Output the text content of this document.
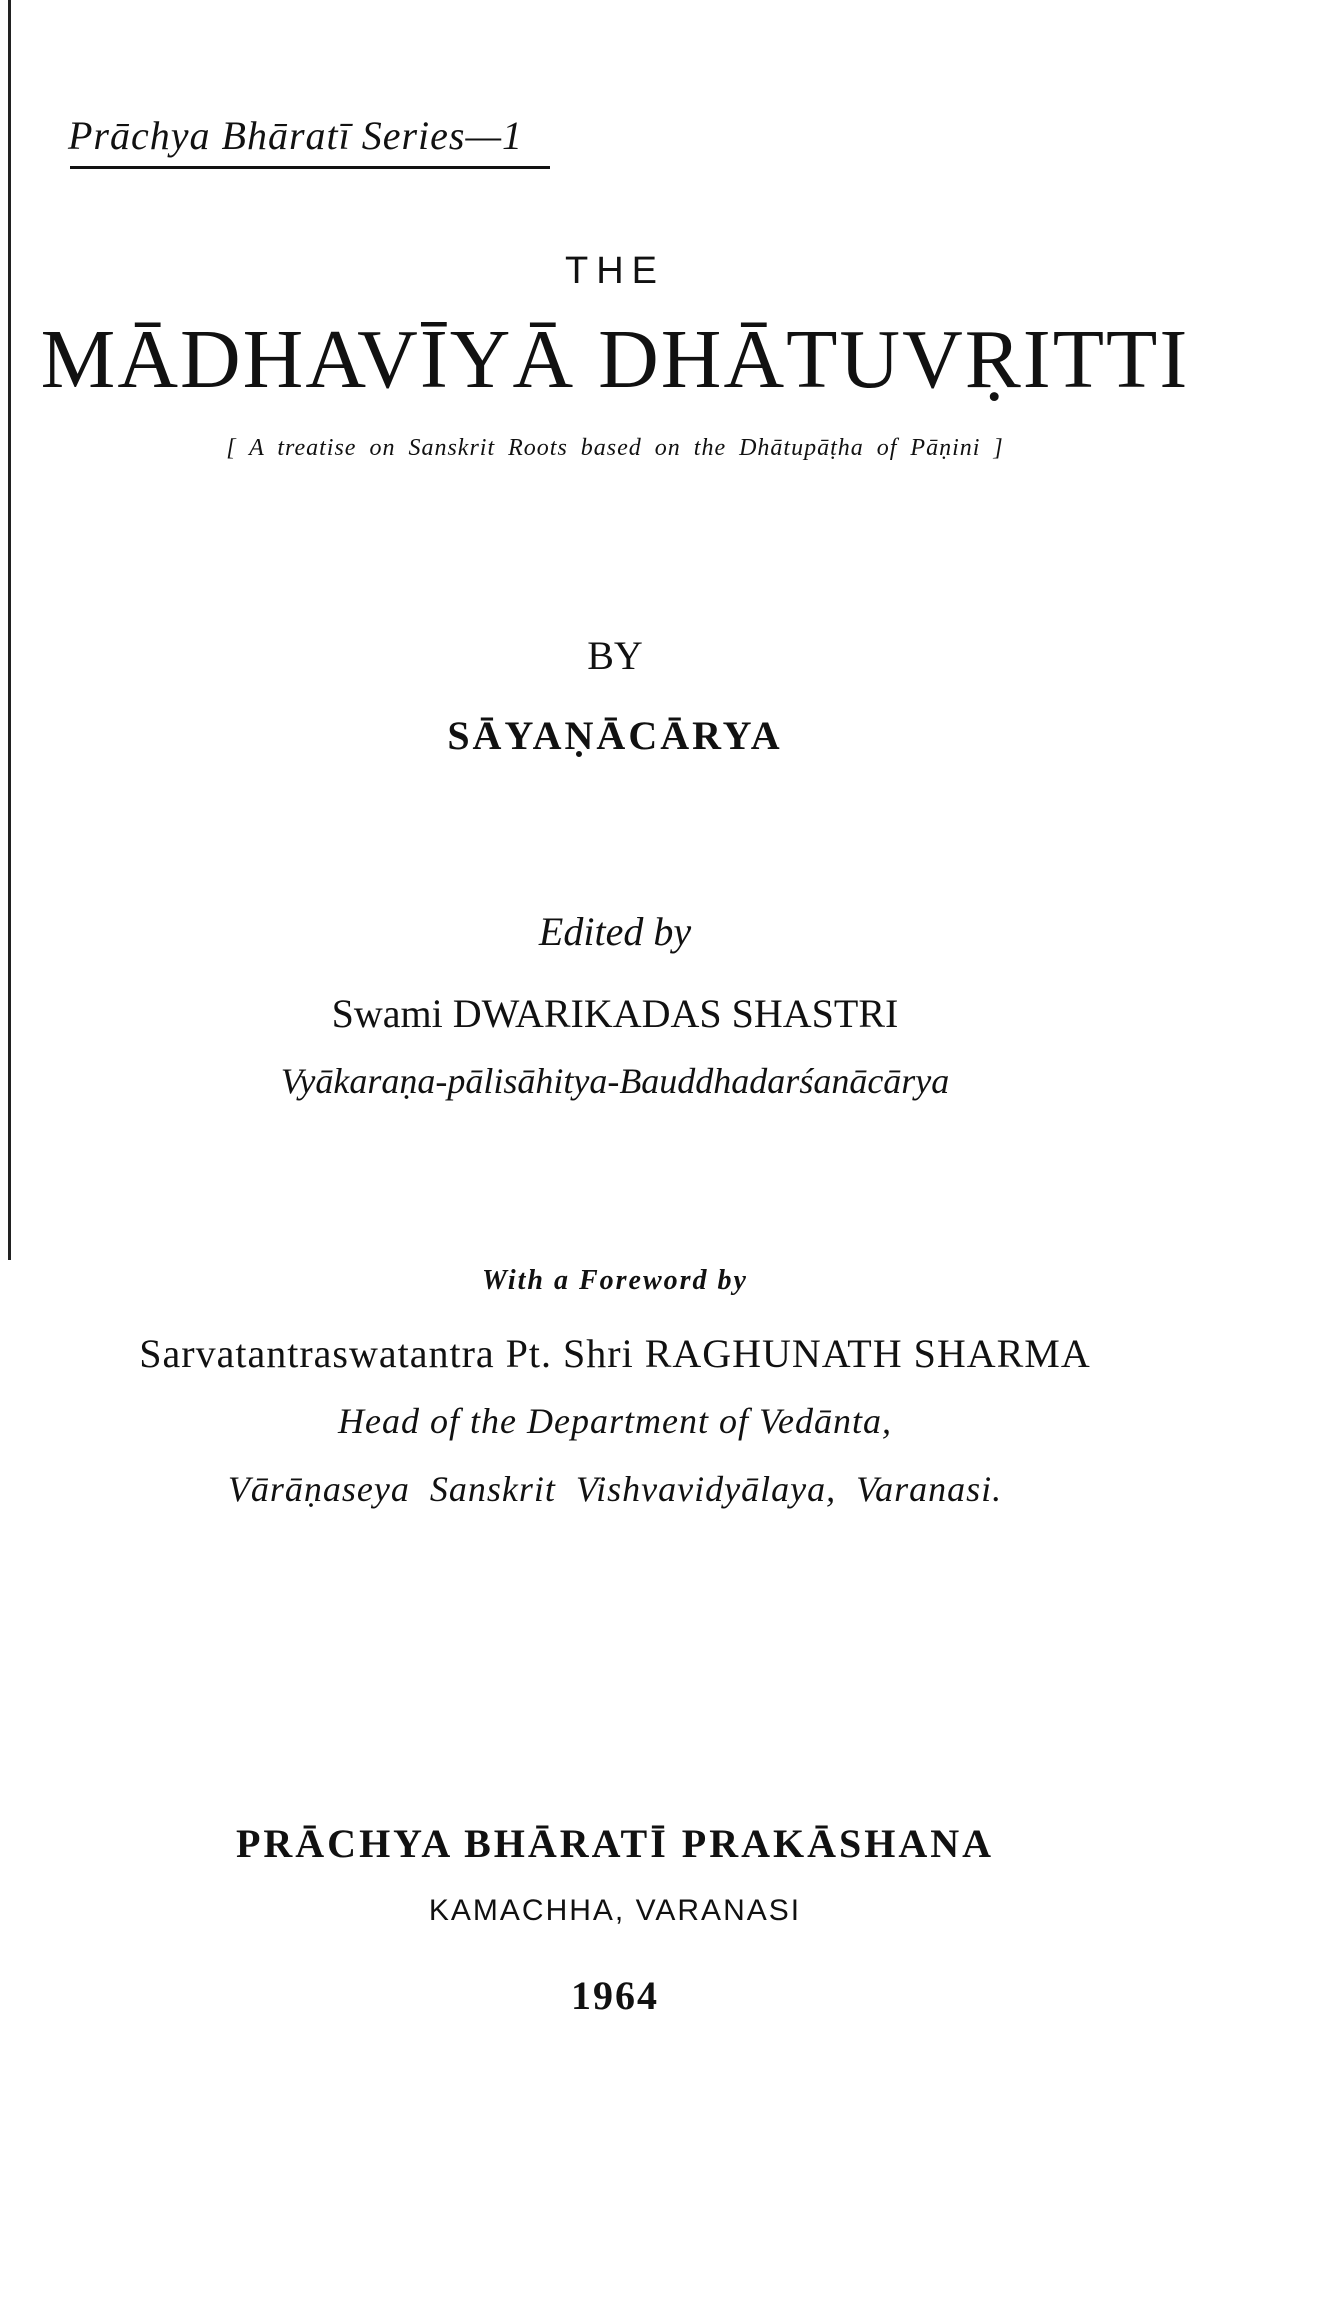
Prāchya Bhāratī Series—1
THE
MĀDHAVĪYĀ DHĀTUVṚITTI
[ A treatise on Sanskrit Roots based on the Dhātupāṭha of Pāṇini ]
BY
SĀYAṆĀCĀRYA
Edited by
Swami DWARIKADAS SHASTRI
Vyākaraṇa-pālisāhitya-Bauddhadarśanācārya
With a Foreword by
Sarvatantraswatantra Pt. Shri RAGHUNATH SHARMA
Head of the Department of Vedānta,
Vārāṇaseya Sanskrit Vishvavidyālaya, Varanasi.
PRĀCHYA BHĀRATĪ PRAKĀSHANA
KAMACHHA, VARANASI
1964
